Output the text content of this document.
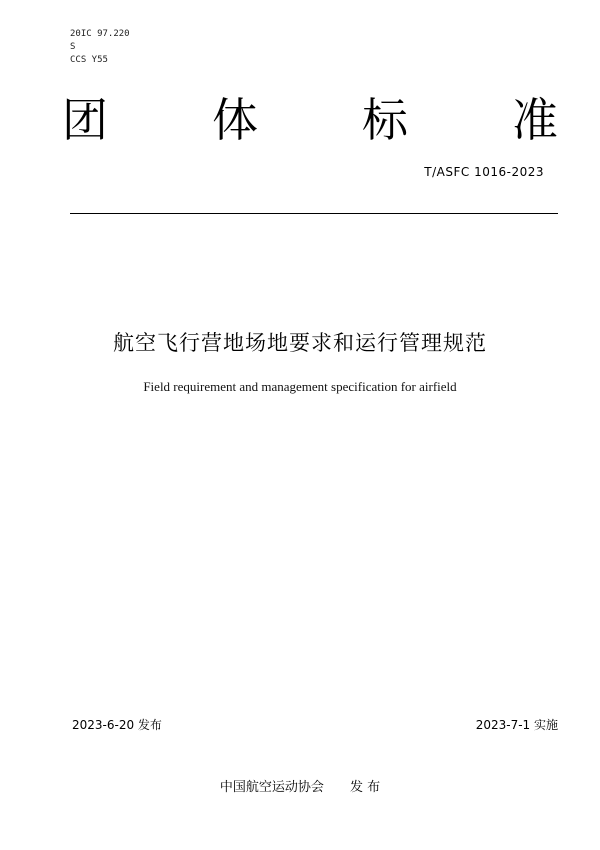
20IC 97.220
S
CCS Y55
团 体 标 准
T/ASFC 1016-2023
航空飞行营地场地要求和运行管理规范
Field requirement and management specification for airfield
2023-6-20 发布	2023-7-1 实施
中国航空运动协会 发 布
